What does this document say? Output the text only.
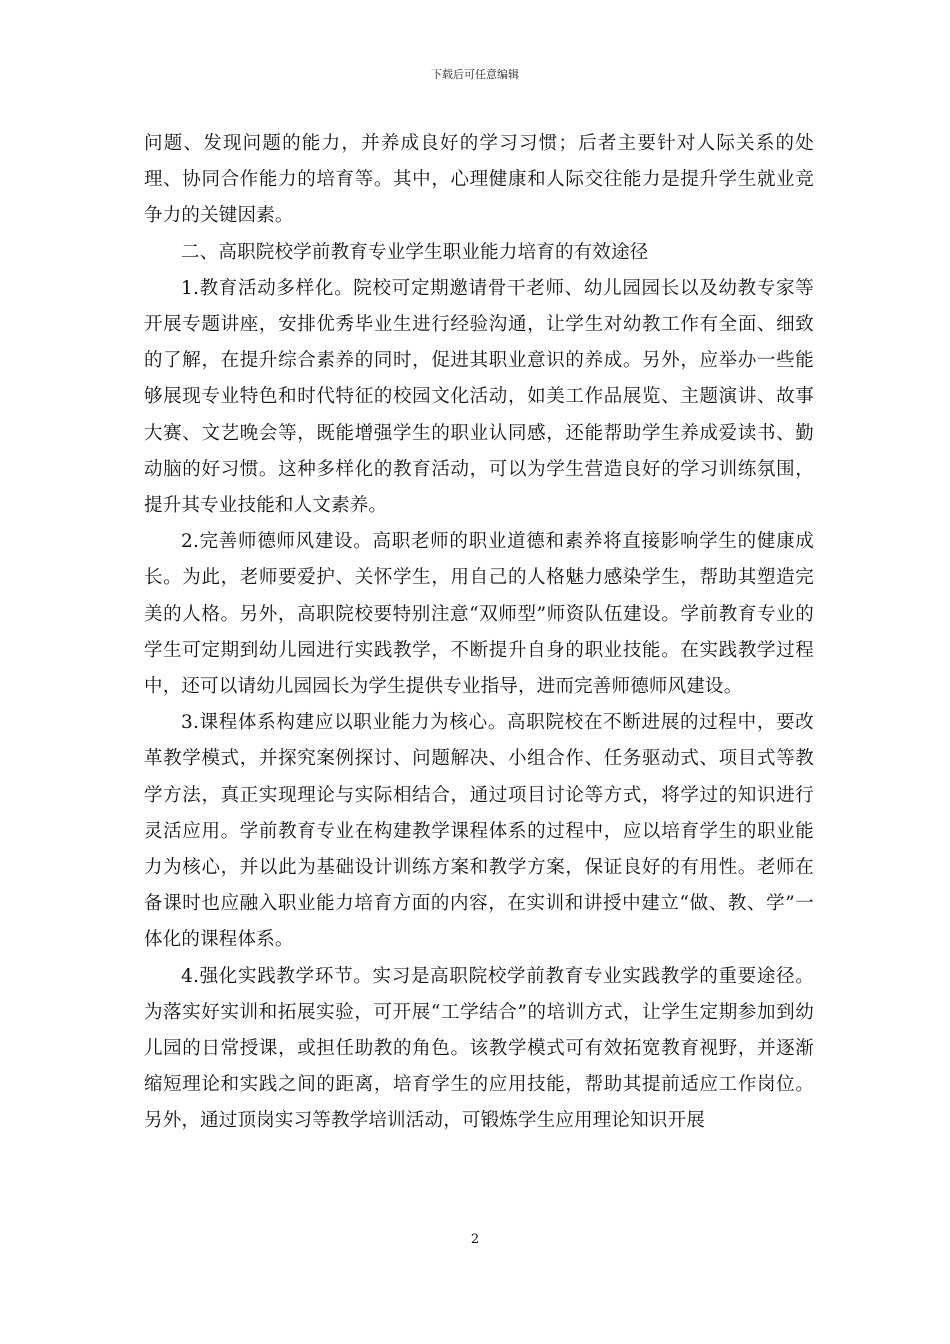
下载后可任意编辑

问题、发现问题的能力，并养成良好的学习习惯；后者主要针对人际关系的处理、协同合作能力的培育等。其中，心理健康和人际交往能力是提升学生就业竞争力的关键因素。

二、高职院校学前教育专业学生职业能力培育的有效途径

1.教育活动多样化。院校可定期邀请骨干老师、幼儿园园长以及幼教专家等开展专题讲座，安排优秀毕业生进行经验沟通，让学生对幼教工作有全面、细致的了解，在提升综合素养的同时，促进其职业意识的养成。另外，应举办一些能够展现专业特色和时代特征的校园文化活动，如美工作品展览、主题演讲、故事大赛、文艺晚会等，既能增强学生的职业认同感，还能帮助学生养成爱读书、勤动脑的好习惯。这种多样化的教育活动，可以为学生营造良好的学习训练氛围，提升其专业技能和人文素养。

2.完善师德师风建设。高职老师的职业道德和素养将直接影响学生的健康成长。为此，老师要爱护、关怀学生，用自己的人格魅力感染学生，帮助其塑造完美的人格。另外，高职院校要特别注意“双师型”师资队伍建设。学前教育专业的学生可定期到幼儿园进行实践教学，不断提升自身的职业技能。在实践教学过程中，还可以请幼儿园园长为学生提供专业指导，进而完善师德师风建设。

3.课程体系构建应以职业能力为核心。高职院校在不断进展的过程中，要改革教学模式，并探究案例探讨、问题解决、小组合作、任务驱动式、项目式等教学方法，真正实现理论与实际相结合，通过项目讨论等方式，将学过的知识进行灵活应用。学前教育专业在构建教学课程体系的过程中，应以培育学生的职业能力为核心，并以此为基础设计训练方案和教学方案，保证良好的有用性。老师在备课时也应融入职业能力培育方面的内容，在实训和讲授中建立“做、教、学”一体化的课程体系。

4.强化实践教学环节。实习是高职院校学前教育专业实践教学的重要途径。为落实好实训和拓展实验，可开展“工学结合”的培训方式，让学生定期参加到幼儿园的日常授课，或担任助教的角色。该教学模式可有效拓宽教育视野，并逐渐缩短理论和实践之间的距离，培育学生的应用技能，帮助其提前适应工作岗位。另外，通过顶岗实习等教学培训活动，可锻炼学生应用理论知识开展

2
